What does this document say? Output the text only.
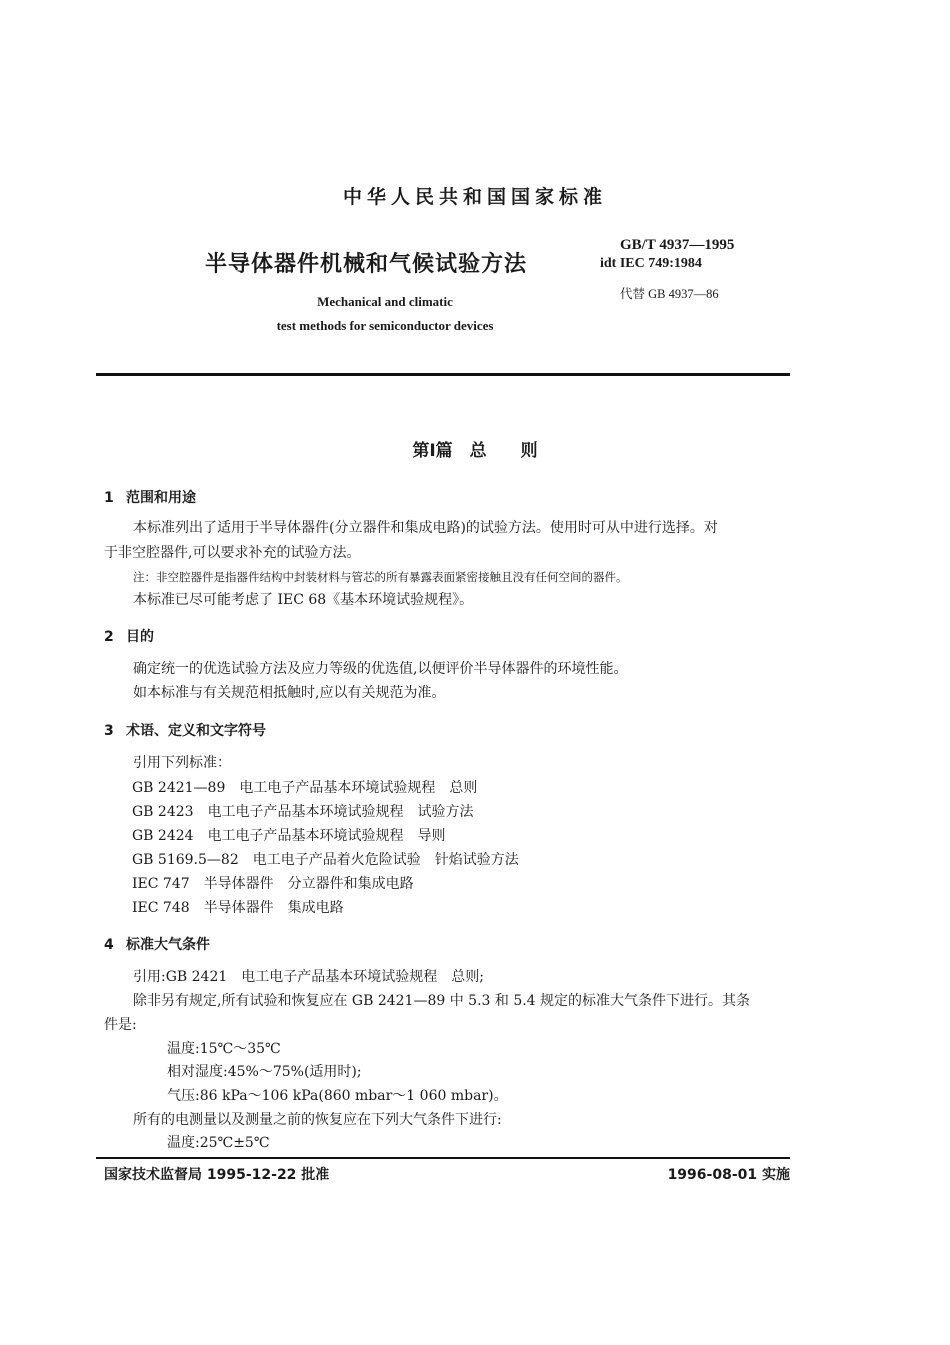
中华人民共和国国家标准
半导体器件机械和气候试验方法
Mechanical and climatic
test methods for semiconductor devices
GB/T 4937—1995
idt IEC 749:1984
代替 GB 4937—86
第Ⅰ篇　总　　则
1 范围和用途
本标准列出了适用于半导体器件(分立器件和集成电路)的试验方法。使用时可从中进行选择。对
于非空腔器件,可以要求补充的试验方法。
注：非空腔器件是指器件结构中封装材料与管芯的所有暴露表面紧密接触且没有任何空间的器件。
本标准已尽可能考虑了 IEC 68《基本环境试验规程》。
2 目的
确定统一的优选试验方法及应力等级的优选值,以便评价半导体器件的环境性能。
如本标准与有关规范相抵触时,应以有关规范为准。
3 术语、定义和文字符号
引用下列标准：
GB 2421—89　 电工电子产品基本环境试验规程　总则
GB 2423　 电工电子产品基本环境试验规程　试验方法
GB 2424　 电工电子产品基本环境试验规程　导则
GB 5169.5—82　 电工电子产品着火危险试验　针焰试验方法
IEC 747　 半导体器件　分立器件和集成电路
IEC 748　 半导体器件　集成电路
4 标准大气条件
引用:GB 2421　电工电子产品基本环境试验规程　总则;
除非另有规定,所有试验和恢复应在 GB 2421—89 中 5.3 和 5.4 规定的标准大气条件下进行。其条
件是:
温度:15℃～35℃
相对湿度:45%～75%(适用时);
气压:86 kPa～106 kPa(860 mbar～1 060 mbar)。
所有的电测量以及测量之前的恢复应在下列大气条件下进行:
温度:25℃±5℃
国家技术监督局 1995-12-22 批准	1996-08-01 实施
